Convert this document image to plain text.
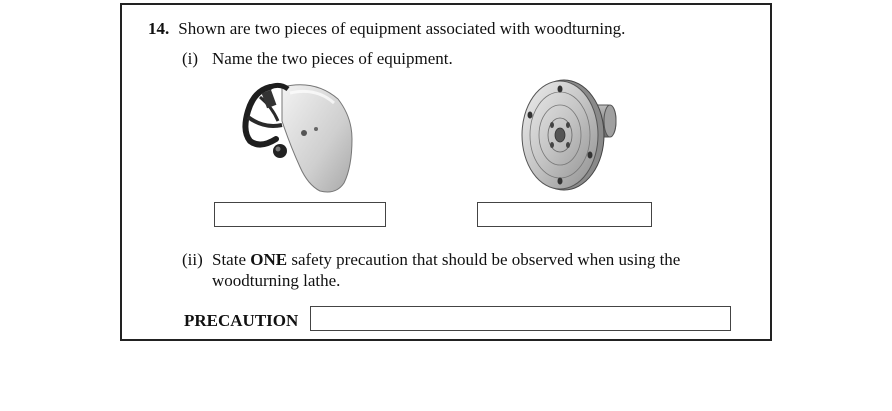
14. Shown are two pieces of equipment associated with woodturning.
(i) Name the two pieces of equipment.
(ii) State ONE safety precaution that should be observed when using the
woodturning lathe.
PRECAUTION
